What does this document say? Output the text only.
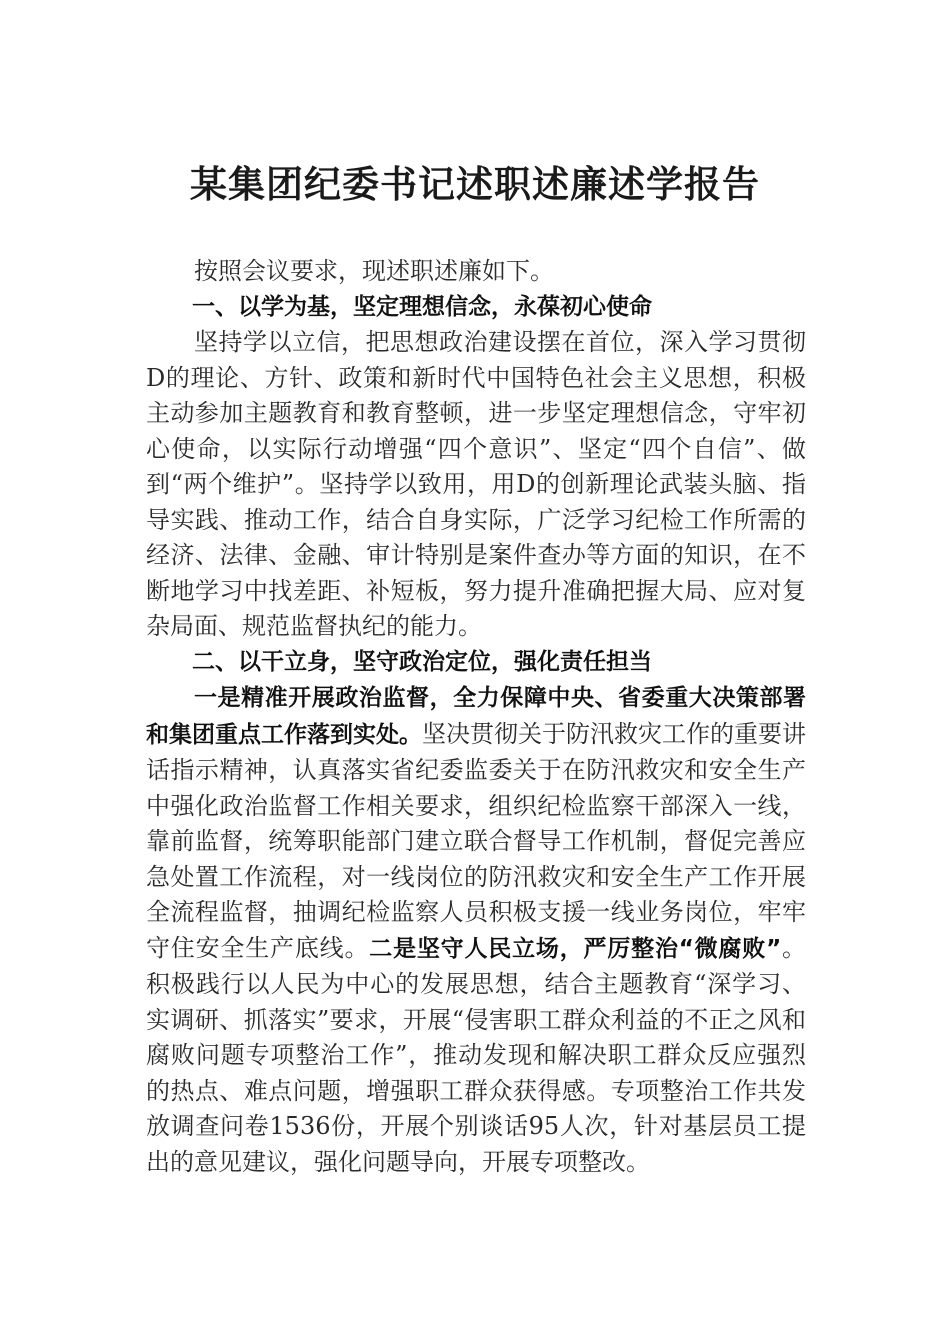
某集团纪委书记述职述廉述学报告

按照会议要求，现述职述廉如下。

一、以学为基，坚定理想信念，永葆初心使命

坚持学以立信，把思想政治建设摆在首位，深入学习贯彻D的理论、方针、政策和新时代中国特色社会主义思想，积极主动参加主题教育和教育整顿，进一步坚定理想信念，守牢初心使命，以实际行动增强“四个意识”、坚定“四个自信”、做到“两个维护”。坚持学以致用，用D的创新理论武装头脑、指导实践、推动工作，结合自身实际，广泛学习纪检工作所需的经济、法律、金融、审计特别是案件查办等方面的知识，在不断地学习中找差距、补短板，努力提升准确把握大局、应对复杂局面、规范监督执纪的能力。

二、以干立身，坚守政治定位，强化责任担当

一是精准开展政治监督，全力保障中央、省委重大决策部署和集团重点工作落到实处。坚决贯彻关于防汛救灾工作的重要讲话指示精神，认真落实省纪委监委关于在防汛救灾和安全生产中强化政治监督工作相关要求，组织纪检监察干部深入一线，靠前监督，统筹职能部门建立联合督导工作机制，督促完善应急处置工作流程，对一线岗位的防汛救灾和安全生产工作开展全流程监督，抽调纪检监察人员积极支援一线业务岗位，牢牢守住安全生产底线。二是坚守人民立场，严厉整治“微腐败”。积极践行以人民为中心的发展思想，结合主题教育“深学习、实调研、抓落实”要求，开展“侵害职工群众利益的不正之风和腐败问题专项整治工作”，推动发现和解决职工群众反应强烈的热点、难点问题，增强职工群众获得感。专项整治工作共发放调查问卷1536份，开展个别谈话95人次，针对基层员工提出的意见建议，强化问题导向，开展专项整改。
